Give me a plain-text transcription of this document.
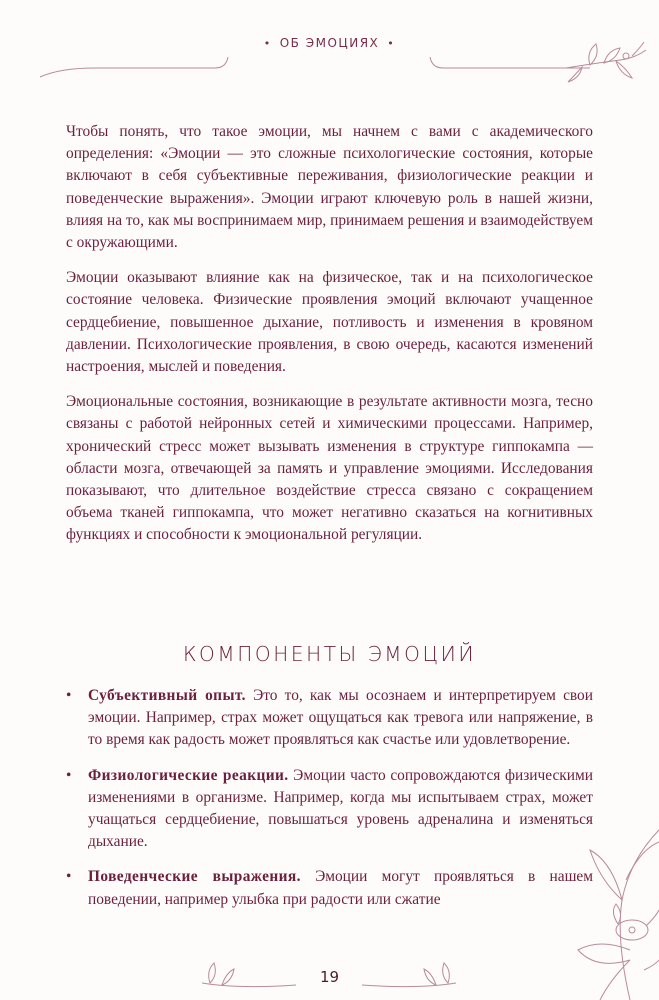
• ОБ ЭМОЦИЯХ •

Чтобы понять, что такое эмоции, мы начнем с вами с академического определения: «Эмоции — это сложные психологические состояния, которые включают в себя субъективные переживания, физиологические реакции и поведенческие выражения». Эмоции играют ключевую роль в нашей жизни, влияя на то, как мы воспринимаем мир, принимаем решения и взаимодействуем с окружающими.

Эмоции оказывают влияние как на физическое, так и на психологическое состояние человека. Физические проявления эмоций включают учащенное сердцебиение, повышенное дыхание, потливость и изменения в кровяном давлении. Психологические проявления, в свою очередь, касаются изменений настроения, мыслей и поведения.

Эмоциональные состояния, возникающие в результате активности мозга, тесно связаны с работой нейронных сетей и химическими процессами. Например, хронический стресс может вызывать изменения в структуре гиппокампа — области мозга, отвечающей за память и управление эмоциями. Исследования показывают, что длительное воздействие стресса связано с сокращением объема тканей гиппокампа, что может негативно сказаться на когнитивных функциях и способности к эмоциональной регуляции.

КОМПОНЕНТЫ ЭМОЦИЙ
• Субъективный опыт. Это то, как мы осознаем и интерпретируем свои эмоции. Например, страх может ощущаться как тревога или напряжение, в то время как радость может проявляться как счастье или удовлетворение.
• Физиологические реакции. Эмоции часто сопровождаются физическими изменениями в организме. Например, когда мы испытываем страх, может учащаться сердцебиение, повышаться уровень адреналина и изменяться дыхание.
• Поведенческие выражения. Эмоции могут проявляться в нашем поведении, например улыбка при радости или сжатие
19
